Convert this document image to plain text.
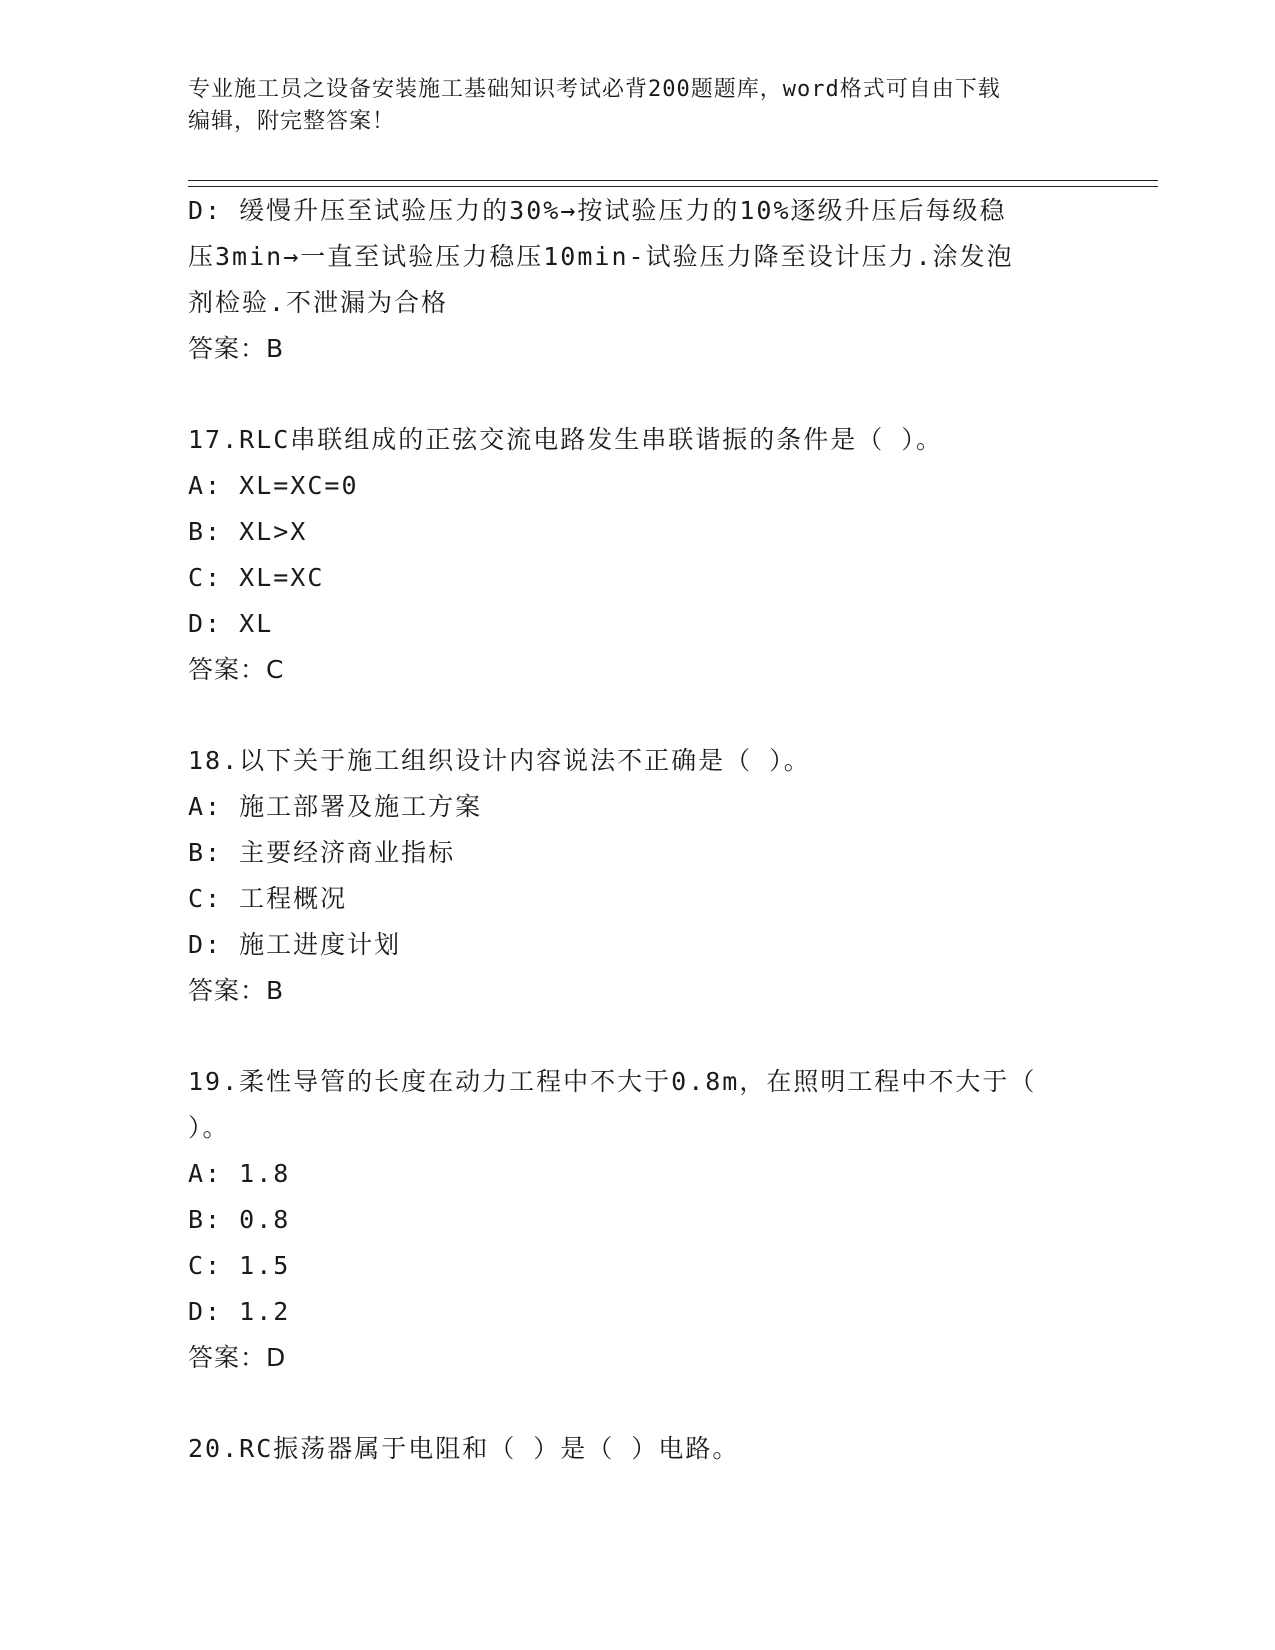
专业施工员之设备安装施工基础知识考试必背200题题库，word格式可自由下载
编辑，附完整答案！
D: 缓慢升压至试验压力的30%→按试验压力的10%逐级升压后每级稳
压3min→一直至试验压力稳压10min-试验压力降至设计压力.涂发泡
剂检验.不泄漏为合格
答案：B
17.RLC串联组成的正弦交流电路发生串联谐振的条件是（ ）。
A: XL=XC=0
B: XL>X
C: XL=XC
D: XL
答案：C
18.以下关于施工组织设计内容说法不正确是（ ）。
A: 施工部署及施工方案
B: 主要经济商业指标
C: 工程概况
D: 施工进度计划
答案：B
19.柔性导管的长度在动力工程中不大于0.8m，在照明工程中不大于（
）。
A: 1.8
B: 0.8
C: 1.5
D: 1.2
答案：D
20.RC振荡器属于电阻和（ ）是（ ）电路。
